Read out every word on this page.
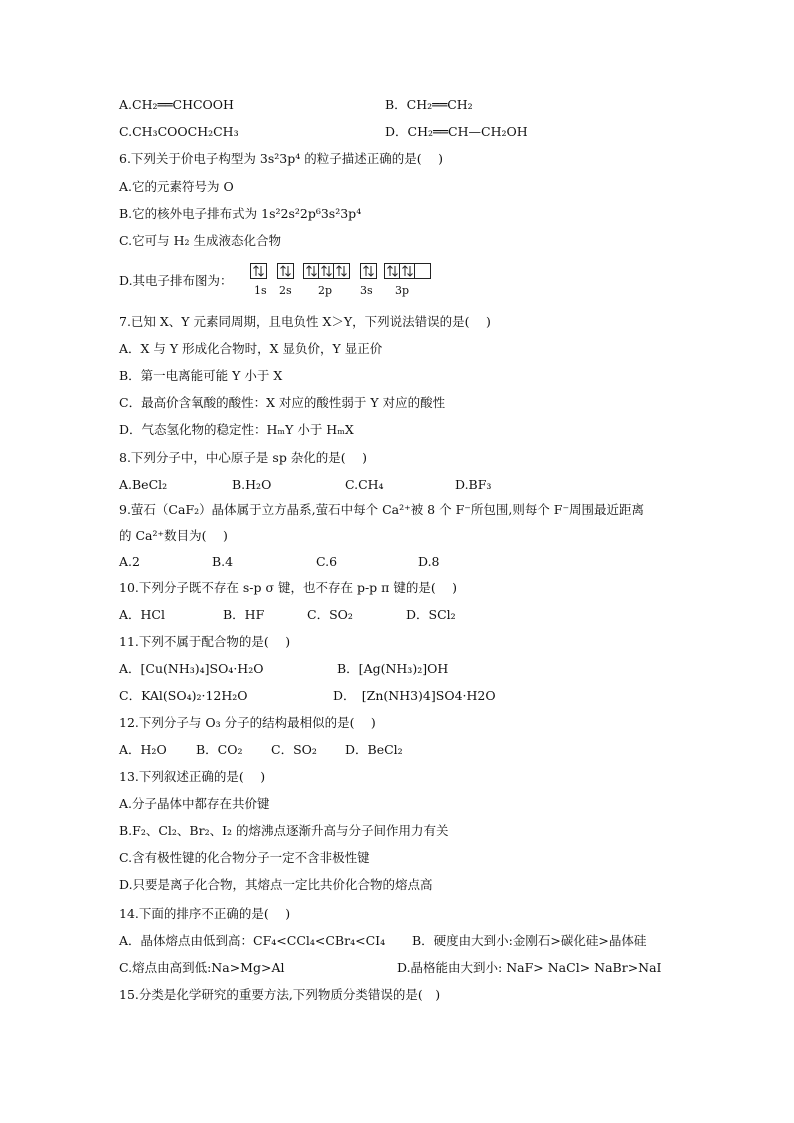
A.CH₂══CHCOOH	B．CH₂══CH₂
C.CH₃COOCH₂CH₃	D．CH₂══CH—CH₂OH
6.下列关于价电子构型为 3s²3p⁴ 的粒子描述正确的是(　 )
A.它的元素符号为 O
B.它的核外电子排布式为 1s²2s²2p⁶3s²3p⁴
C.它可与 H₂ 生成液态化合物
D.其电子排布图为：
1s 2s 2p	3s 3p
7.已知 X、Y 元素同周期，且电负性 X＞Y，下列说法错误的是(　 )
A．X 与 Y 形成化合物时，X 显负价，Y 显正价
B．第一电离能可能 Y 小于 X
C．最高价含氧酸的酸性：X 对应的酸性弱于 Y 对应的酸性
D．气态氢化物的稳定性：HₘY 小于 HₘX
8.下列分子中，中心原子是 sp 杂化的是(　 )
A.BeCl₂	B.H₂O	C.CH₄	D.BF₃
9.萤石（CaF₂）晶体属于立方晶系,萤石中每个 Ca²⁺被 8 个 F⁻所包围,则每个 F⁻周围最近距离
的 Ca²⁺数目为(　 )
A.2	B.4	C.6	D.8
10.下列分子既不存在 s-p σ 键，也不存在 p-p π 键的是(　 )
A．HCl	B．HF	C．SO₂	D．SCl₂
11.下列不属于配合物的是(　 )
A．[Cu(NH₃)₄]SO₄·H₂O	B．[Ag(NH₃)₂]OH
C．KAl(SO₄)₂·12H₂O	D．　[Zn(NH3)4]SO4·H2O
12.下列分子与 O₃ 分子的结构最相似的是(　 )
A．H₂O B．CO₂ C．SO₂ D．BeCl₂
13.下列叙述正确的是(　 )
A.分子晶体中都存在共价键
B.F₂、Cl₂、Br₂、I₂ 的熔沸点逐渐升高与分子间作用力有关
C.含有极性键的化合物分子一定不含非极性键
D.只要是离子化合物，其熔点一定比共价化合物的熔点高
14.下面的排序不正确的是(　 )
A．晶体熔点由低到高：CF₄<CCl₄<CBr₄<CI₄ B．硬度由大到小:金刚石>碳化硅>晶体硅
C.熔点由高到低:Na>Mg>Al	D.晶格能由大到小: NaF> NaCl> NaBr>NaI
15.分类是化学研究的重要方法,下列物质分类错误的是(　)
